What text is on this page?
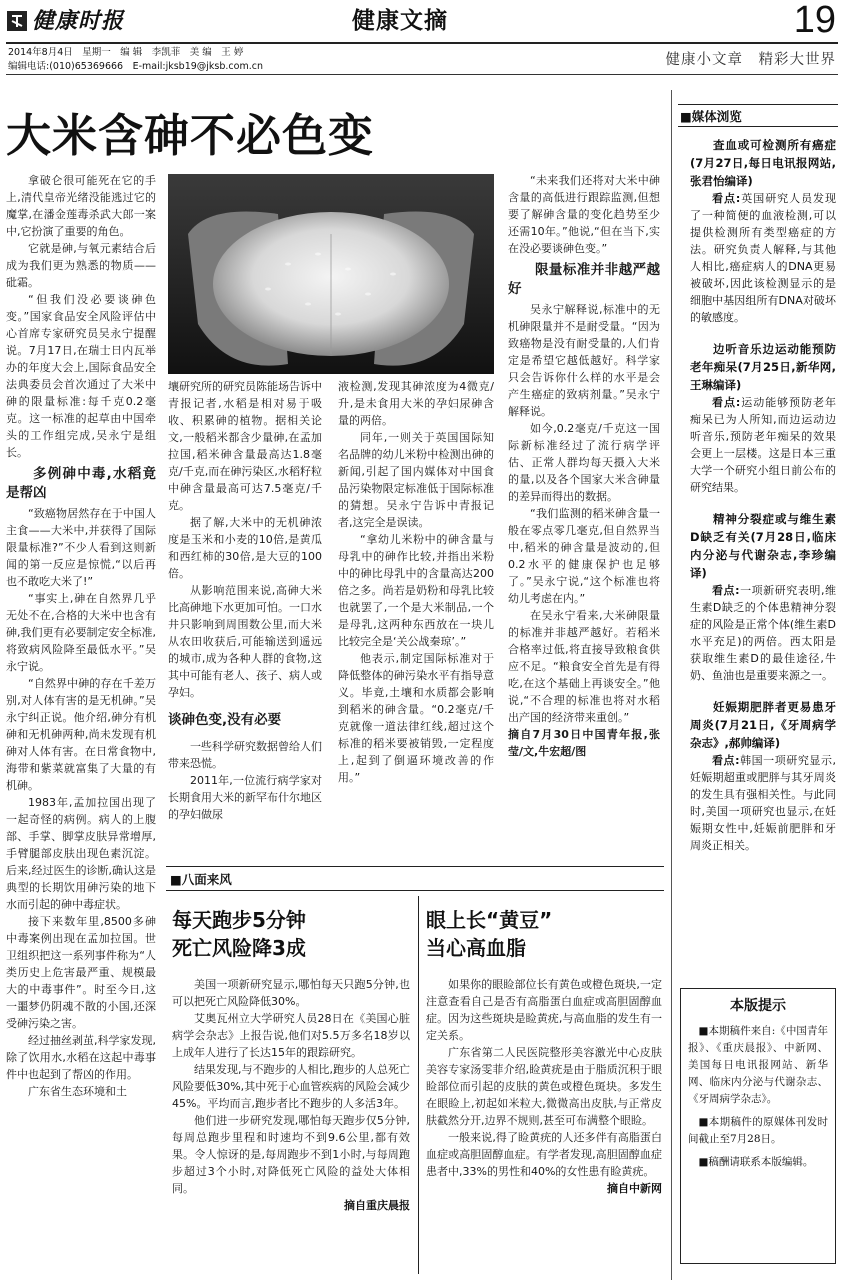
健康时报	健康文摘	19
2014年8月4日　星期一　编 辑　李凯菲　美 编　王 婷
编辑电话:(010)65369666　E-mail:jksb19@jksb.com.cn	健康小文章　精彩大世界
大米含砷不必色变

拿破仑很可能死在它的手上,清代皇帝光绪没能逃过它的魔掌,在潘金莲毒杀武大郎一案中,它扮演了重要的角色。

它就是砷,与氧元素结合后成为我们更为熟悉的物质——砒霜。

“但我们没必要谈砷色变。”国家食品安全风险评估中心首席专家研究员吴永宁提醒说。7月17日,在瑞士日内瓦举办的年度大会上,国际食品安全法典委员会首次通过了大米中砷的限量标准:每千克0.2毫克。这一标准的起草由中国牵头的工作组完成,吴永宁是组长。

多例砷中毒,水稻竟是帮凶

“致癌物居然存在于中国人主食——大米中,并获得了国际限量标准?”不少人看到这则新闻的第一反应是惊慌,“以后再也不敢吃大米了!”

“事实上,砷在自然界几乎无处不在,合格的大米中也含有砷,我们更有必要制定安全标准,将致病风险降至最低水平。”吴永宁说。

“自然界中砷的存在千差万别,对人体有害的是无机砷。”吴永宁纠正说。他介绍,砷分有机砷和无机砷两种,尚未发现有机砷对人体有害。在日常食物中,海带和紫菜就富集了大量的有机砷。

1983年,孟加拉国出现了一起奇怪的病例。病人的上腹部、手掌、脚掌皮肤异常增厚,手臂腿部皮肤出现色素沉淀。后来,经过医生的诊断,确认这是典型的长期饮用砷污染的地下水而引起的砷中毒症状。

接下来数年里,8500多砷中毒案例出现在孟加拉国。世卫组织把这一系列事件称为“人类历史上危害最严重、规模最大的中毒事件”。时至今日,这一噩梦仍阴魂不散的小国,还深受砷污染之害。

经过抽丝剥茧,科学家发现,除了饮用水,水稻在这起中毒事件中也起到了帮凶的作用。

广东省生态环境和土

壤研究所的研究员陈能场告诉中青报记者,水稻是相对易于吸收、积累砷的植物。据相关论文,一般稻米都含少量砷,在孟加拉国,稻米砷含量最高达1.8毫克/千克,而在砷污染区,水稻籽粒中砷含量最高可达7.5毫克/千克。

据了解,大米中的无机砷浓度是玉米和小麦的10倍,是黄瓜和西红柿的30倍,是大豆的100倍。

从影响范围来说,高砷大米比高砷地下水更加可怕。一口水井只影响到周围数公里,而大米从农田收获后,可能输送到遥远的城市,成为各种人群的食物,这其中可能有老人、孩子、病人或孕妇。

谈砷色变,没有必要

一些科学研究数据曾给人们带来恐慌。

2011年,一位流行病学家对长期食用大米的新罕布什尔地区的孕妇做尿

液检测,发现其砷浓度为4微克/升,是未食用大米的孕妇尿砷含量的两倍。

同年,一则关于英国国际知名品牌的幼儿米粉中检测出砷的新闻,引起了国内媒体对中国食品污染物限定标准低于国际标准的猜想。吴永宁告诉中青报记者,这完全是误读。

“拿幼儿米粉中的砷含量与母乳中的砷作比较,并指出米粉中的砷比母乳中的含量高达200倍之多。尚若是奶粉和母乳比较也就罢了,一个是大米制品,一个是母乳,这两种东西放在一块儿比较完全是‘关公战秦琼’。”

他表示,制定国际标准对于降低整体的砷污染水平有指导意义。毕竟,土壤和水质都会影响到稻米的砷含量。“0.2毫克/千克就像一道法律红线,超过这个标准的稻米要被销毁,一定程度上,起到了倒逼环境改善的作用。”

“未来我们还将对大米中砷含量的高低进行跟踪监测,但想要了解砷含量的变化趋势至少还需10年。”他说,“但在当下,实在没必要谈砷色变。”

限量标准并非越严越好

吴永宁解释说,标准中的无机砷限量并不是耐受量。“因为致癌物是没有耐受量的,人们肯定是希望它越低越好。科学家只会告诉你什么样的水平是会产生癌症的致病剂量。”吴永宁解释说。

如今,0.2毫克/千克这一国际新标准经过了流行病学评估、正常人群均每天摄入大米的量,以及各个国家大米含砷量的差异而得出的数据。

“我们监测的稻米砷含量一般在零点零几毫克,但自然界当中,稻米的砷含量是波动的,但0.2水平的健康保护也足够了。”吴永宁说,“这个标准也将幼儿考虑在内。”

在吴永宁看来,大米砷限量的标准并非越严越好。若稻米合格率过低,将直接导致粮食供应不足。“粮食安全首先是有得吃,在这个基础上再谈安全。”他说,“不合理的标准也将对水稻出产国的经济带来重创。”

摘自7月30日中国青年报,张莹/文,牛宏超/图
■八面来风
每天跑步5分钟
死亡风险降3成

美国一项新研究显示,哪怕每天只跑5分钟,也可以把死亡风险降低30%。

艾奥瓦州立大学研究人员28日在《美国心脏病学会杂志》上报告说,他们对5.5万多名18岁以上成年人进行了长达15年的跟踪研究。

结果发现,与不跑步的人相比,跑步的人总死亡风险要低30%,其中死于心血管疾病的风险会减少45%。平均而言,跑步者比不跑步的人多活3年。

他们进一步研究发现,哪怕每天跑步仅5分钟,每周总跑步里程和时速均不到9.6公里,都有效果。令人惊讶的是,每周跑步不到1小时,与每周跑步超过3个小时,对降低死亡风险的益处大体相同。

摘自重庆晨报
眼上长“黄豆”
当心高血脂

如果你的眼睑部位长有黄色或橙色斑块,一定注意查看自己是否有高脂蛋白血症或高胆固醇血症。因为这些斑块是睑黄疣,与高血脂的发生有一定关系。

广东省第二人民医院整形美容激光中心皮肤美容专家汤雯菲介绍,睑黄疣是由于脂质沉积于眼睑部位而引起的皮肤的黄色或橙色斑块。多发生在眼睑上,初起如米粒大,微微高出皮肤,与正常皮肤截然分开,边界不规则,甚至可布满整个眼睑。

一般来说,得了睑黄疣的人还多伴有高脂蛋白血症或高胆固醇血症。有学者发现,高胆固醇血症患者中,33%的男性和40%的女性患有睑黄疣。

摘自中新网
■媒体浏览
查血或可检测所有癌症(7月27日,每日电讯报网站,张君怡编译)

看点:英国研究人员发现了一种简便的血液检测,可以提供检测所有类型癌症的方法。研究负责人解释,与其他人相比,癌症病人的DNA更易被破坏,因此该检测显示的是细胞中基因组所有DNA对破坏的敏感度。

边听音乐边运动能预防老年痴呆(7月25日,新华网,王琳编译)

看点:运动能够预防老年痴呆已为人所知,而边运动边听音乐,预防老年痴呆的效果会更上一层楼。这是日本三重大学一个研究小组日前公布的研究结果。

精神分裂症或与维生素D缺乏有关(7月28日,临床内分泌与代谢杂志,李珍编译)

看点:一项新研究表明,维生素D缺乏的个体患精神分裂症的风险是正常个体(维生素D水平充足)的两倍。西太阳是获取维生素D的最佳途径,牛奶、鱼油也是重要来源之一。

妊娠期肥胖者更易患牙周炎(7月21日,《牙周病学杂志》,郝帅编译)

看点:韩国一项研究显示,妊娠期超重或肥胖与其牙周炎的发生具有强相关性。与此同时,美国一项研究也显示,在妊娠期女性中,妊娠前肥胖和牙周炎正相关。

本版提示
■本期稿件来自:《中国青年报》、《重庆晨报》、中新网、美国每日电讯报网站、新华网、临床内分泌与代谢杂志、《牙周病学杂志》。
■本期稿件的原媒体刊发时间截止至7月28日。
■稿酬请联系本版编辑。
